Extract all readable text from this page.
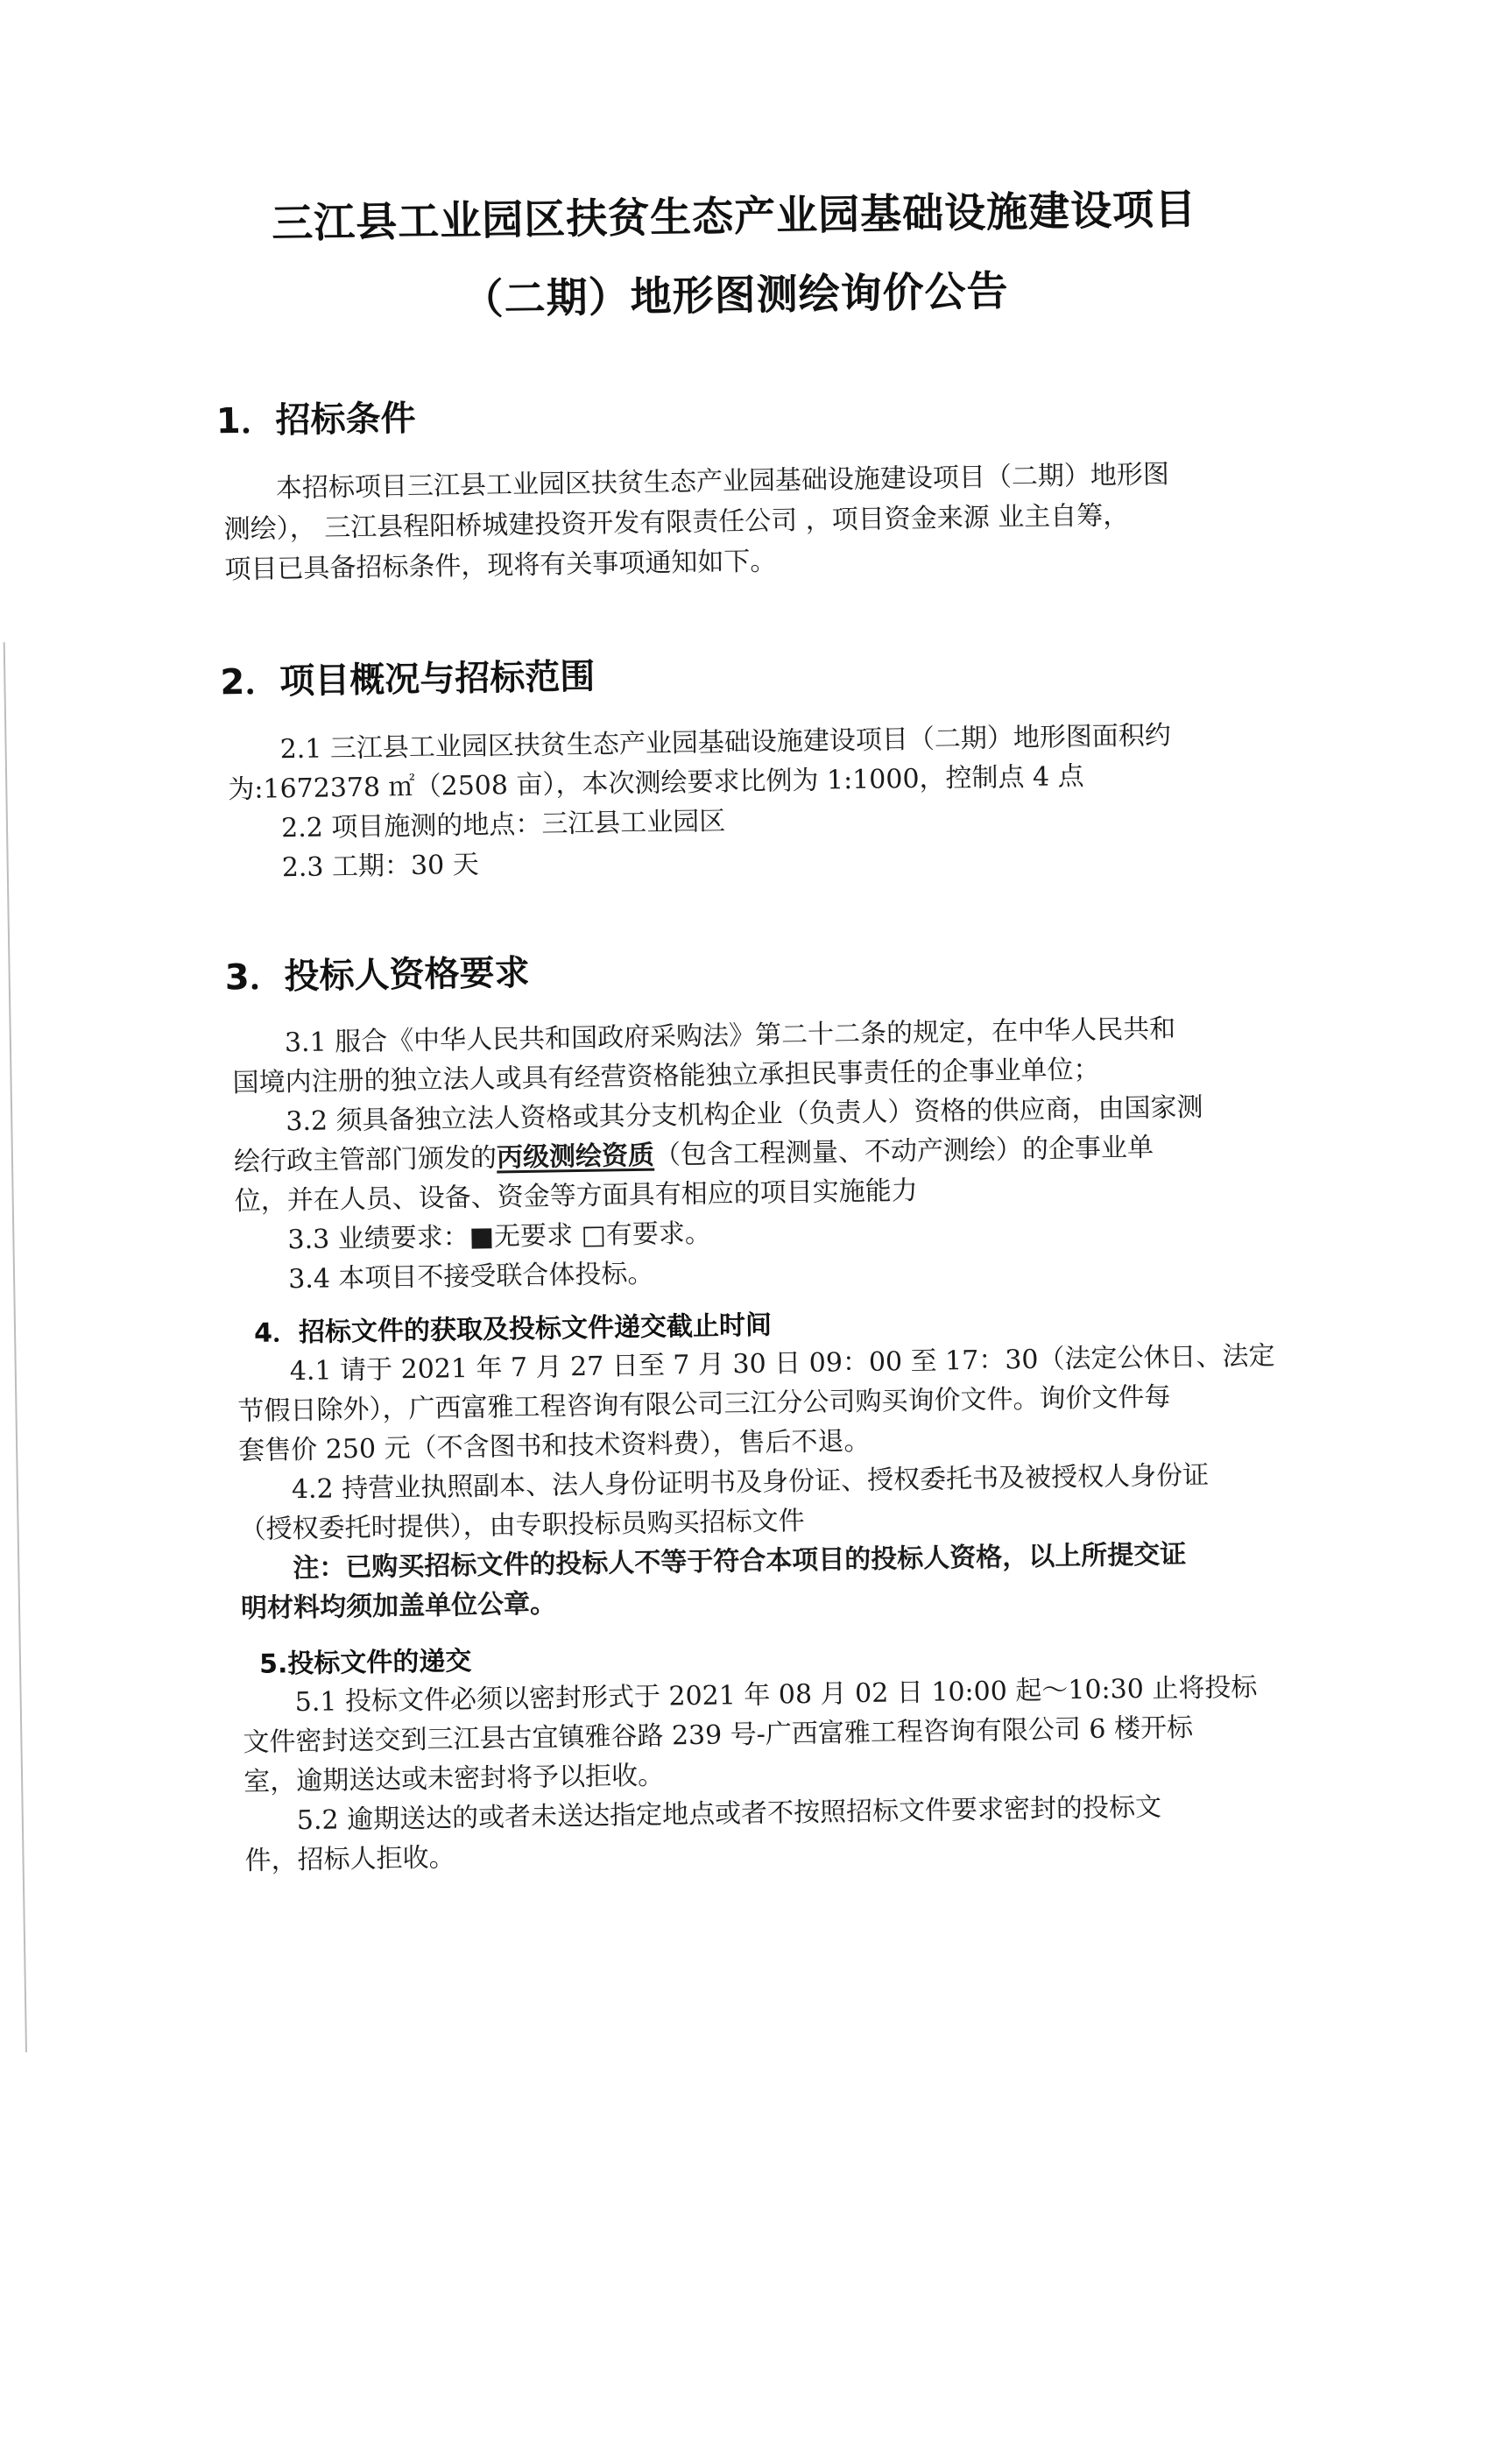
三江县工业园区扶贫生态产业园基础设施建设项目
（二期）地形图测绘询价公告
1．招标条件
本招标项目三江县工业园区扶贫生态产业园基础设施建设项目（二期）地形图
测绘）， 三江县程阳桥城建投资开发有限责任公司 ，项目资金来源 业主自筹，
项目已具备招标条件，现将有关事项通知如下。
2．项目概况与招标范围
2.1 三江县工业园区扶贫生态产业园基础设施建设项目（二期）地形图面积约
为:1672378 ㎡（2508 亩），本次测绘要求比例为 1:1000，控制点 4 点
2.2 项目施测的地点：三江县工业园区
2.3 工期：30 天
3．投标人资格要求
3.1 服合《中华人民共和国政府采购法》第二十二条的规定，在中华人民共和
国境内注册的独立法人或具有经营资格能独立承担民事责任的企事业单位；
3.2 须具备独立法人资格或其分支机构企业（负责人）资格的供应商，由国家测
绘行政主管部门颁发的丙级测绘资质（包含工程测量、不动产测绘）的企事业单
位，并在人员、设备、资金等方面具有相应的项目实施能力
3.3 业绩要求：■无要求 □有要求。
3.4 本项目不接受联合体投标。
4．招标文件的获取及投标文件递交截止时间
4.1 请于 2021 年 7 月 27 日至 7 月 30 日 09：00 至 17：30（法定公休日、法定
节假日除外），广西富雅工程咨询有限公司三江分公司购买询价文件。询价文件每
套售价 250 元（不含图书和技术资料费），售后不退。
4.2 持营业执照副本、法人身份证明书及身份证、授权委托书及被授权人身份证
（授权委托时提供），由专职投标员购买招标文件
注：已购买招标文件的投标人不等于符合本项目的投标人资格，以上所提交证
明材料均须加盖单位公章。
5.投标文件的递交
5.1 投标文件必须以密封形式于 2021 年 08 月 02 日 10:00 起～10:30 止将投标
文件密封送交到三江县古宜镇雅谷路 239 号-广西富雅工程咨询有限公司 6 楼开标
室，逾期送达或未密封将予以拒收。
5.2 逾期送达的或者未送达指定地点或者不按照招标文件要求密封的投标文
件，招标人拒收。
